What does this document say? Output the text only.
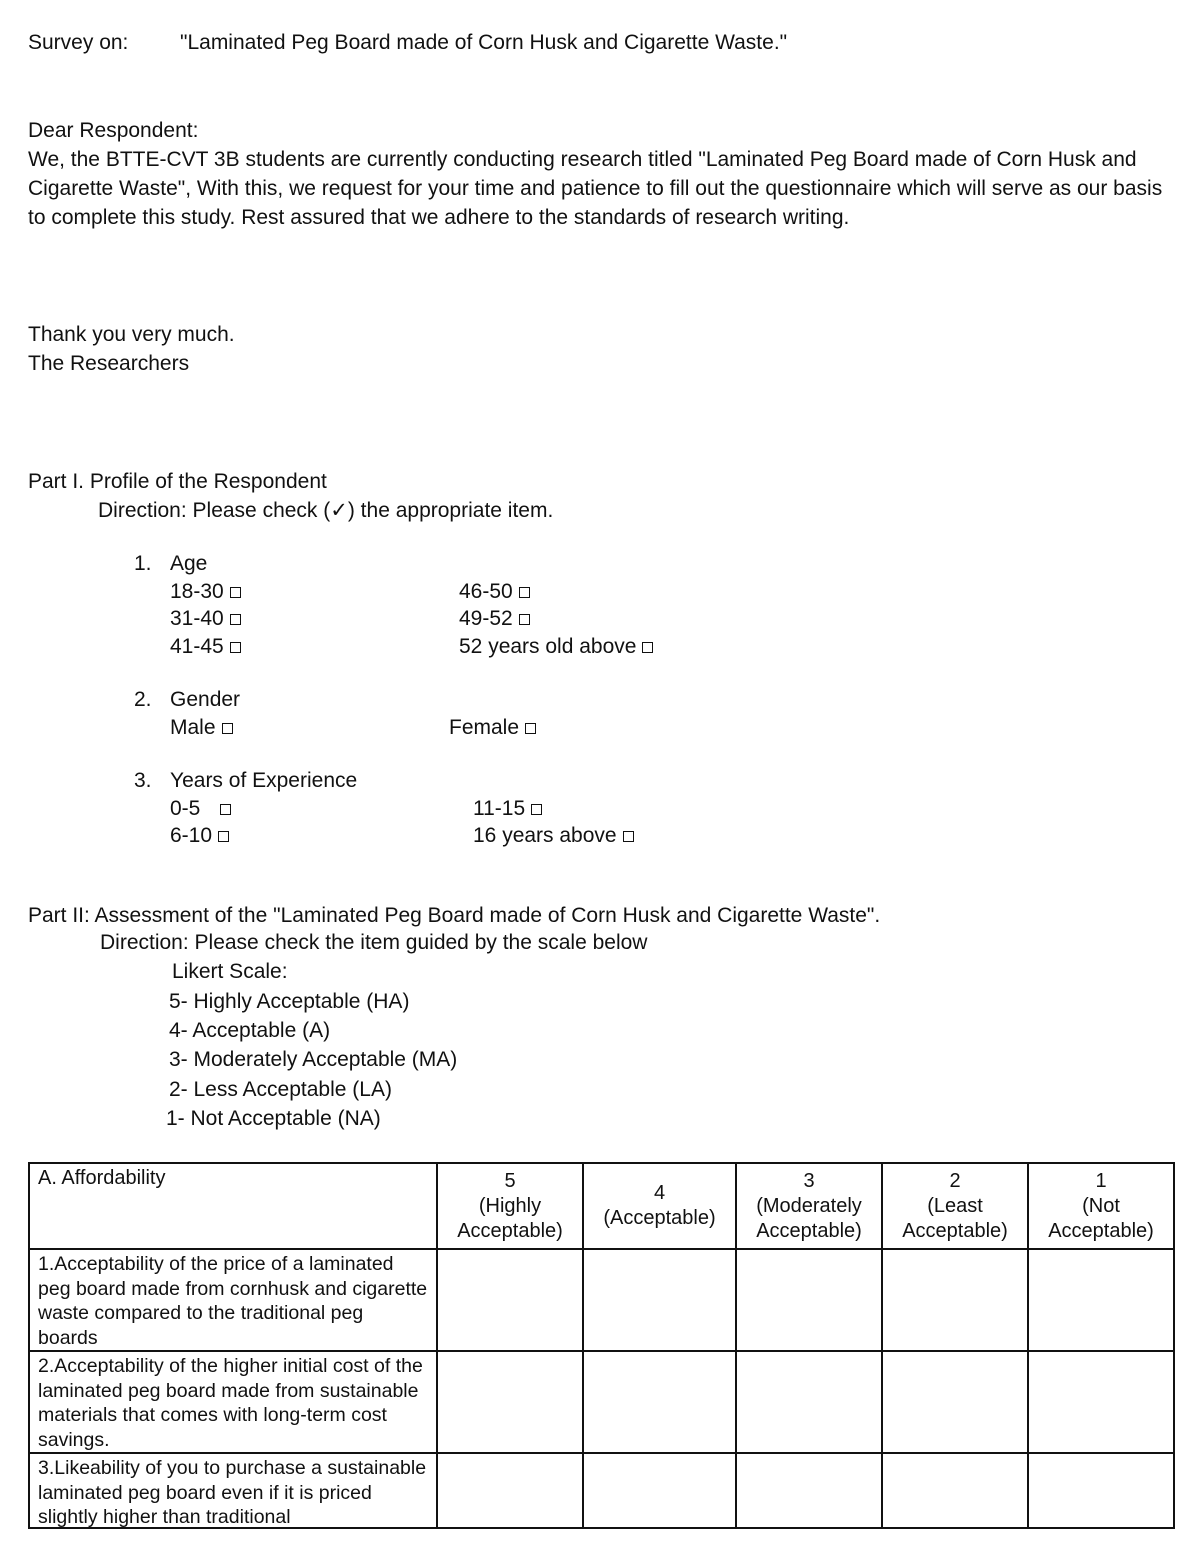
Survey on: "Laminated Peg Board made of Corn Husk and Cigarette Waste."
Dear Respondent:
We, the BTTE-CVT 3B students are currently conducting research titled "Laminated Peg Board made of Corn Husk and Cigarette Waste", With this, we request for your time and patience to fill out the questionnaire which will serve as our basis to complete this study. Rest assured that we adhere to the standards of research writing.
Thank you very much.
The Researchers
Part I. Profile of the Respondent
Direction: Please check (✓) the appropriate item.
1. Age
18-30
31-40
41-45
46-50
49-52
52 years old above
2. Gender
Male	Female
3. Years of Experience
0-5
6-10
11-15
16 years above
Part II: Assessment of the "Laminated Peg Board made of Corn Husk and Cigarette Waste".
Direction: Please check the item guided by the scale below
Likert Scale:
5- Highly Acceptable (HA)
4- Acceptable (A)
3- Moderately Acceptable (MA)
2- Less Acceptable (LA)
1- Not Acceptable (NA)
A. Affordability	5
(Highly
Acceptable)	4
(Acceptable)	3
(Moderately
Acceptable)	2
(Least
Acceptable)	1
(Not
Acceptable)

1.Acceptability of the price of a laminated peg board made from cornhusk and cigarette waste compared to the traditional peg boards					
2.Acceptability of the higher initial cost of the laminated peg board made from sustainable materials that comes with long-term cost savings.					

3.Likeability of you to purchase a sustainable laminated peg board even if it is priced slightly higher than traditional					
